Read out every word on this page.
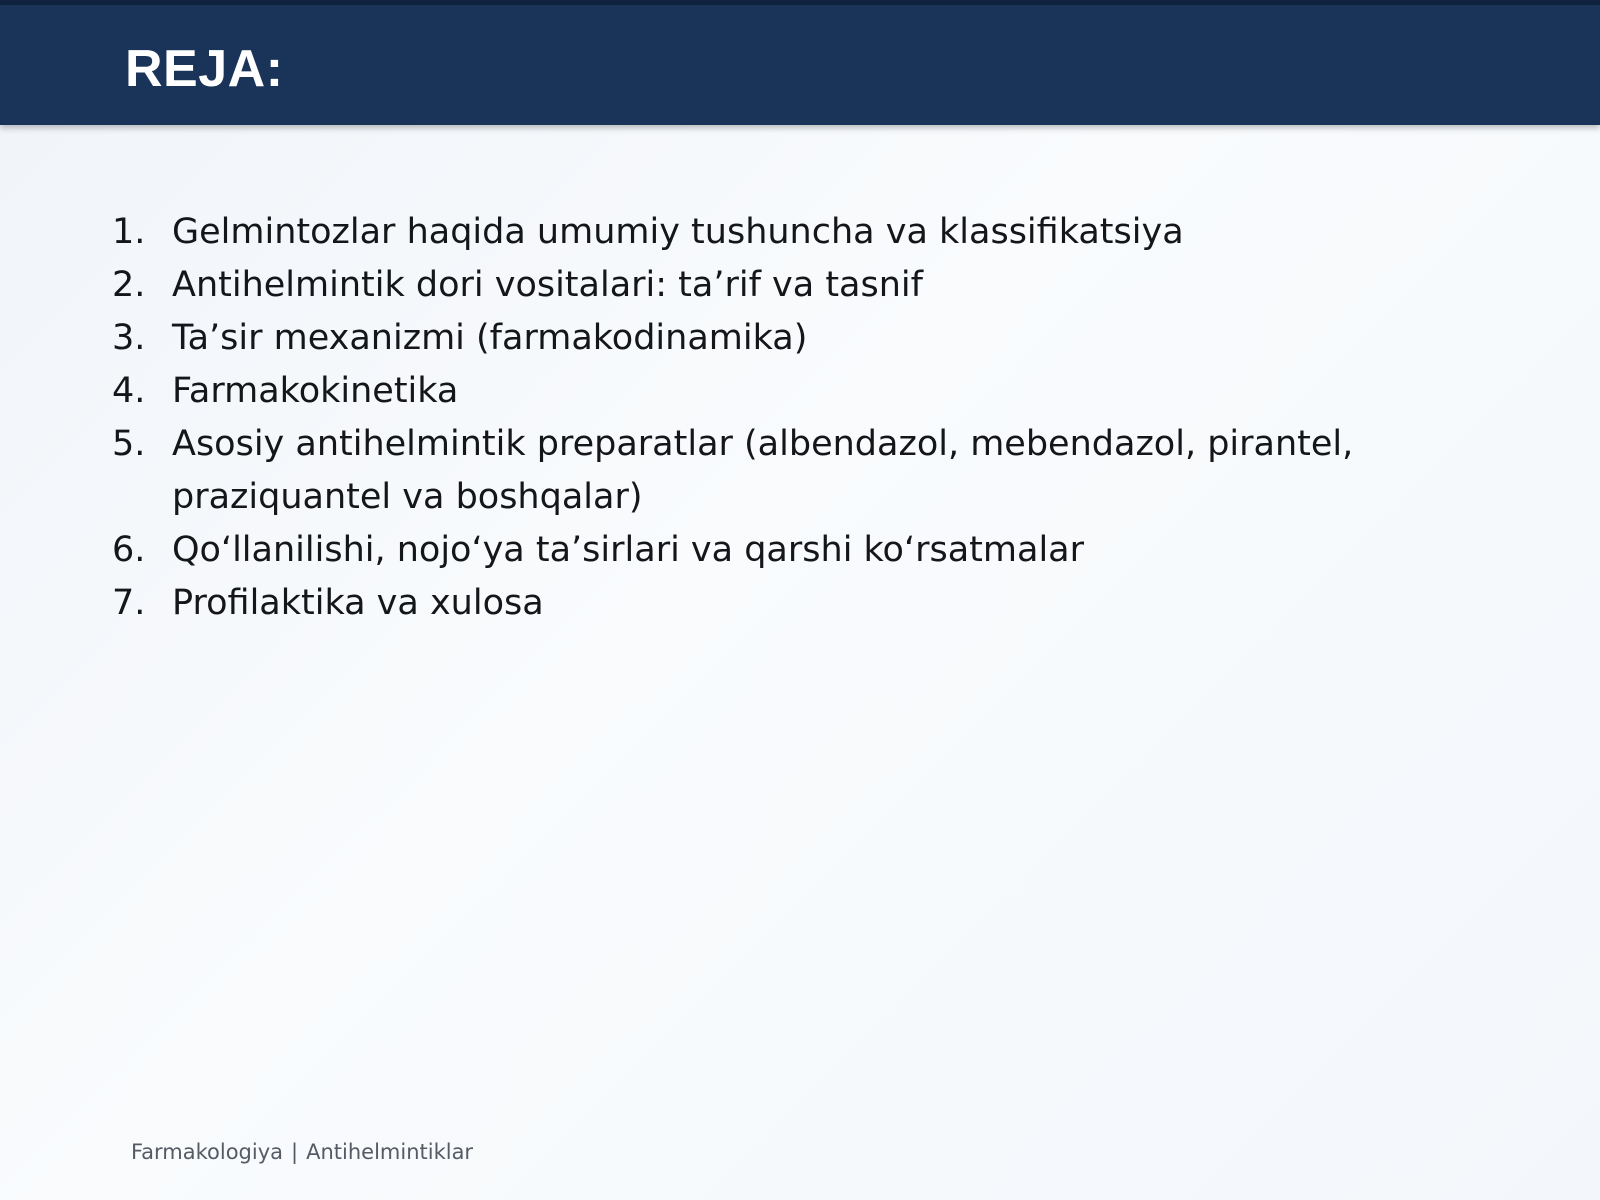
REJA:
1. Gelmintozlar haqida umumiy tushuncha va klassifikatsiya
2. Antihelmintik dori vositalari: ta’rif va tasnif
3. Ta’sir mexanizmi (farmakodinamika)
4. Farmakokinetika
5. Asosiy antihelmintik preparatlar (albendazol, mebendazol, pirantel, praziquantel va boshqalar)
6. Qo‘llanilishi, nojo‘ya ta’sirlari va qarshi ko‘rsatmalar
7. Profilaktika va xulosa
Farmakologiya | Antihelmintiklar
